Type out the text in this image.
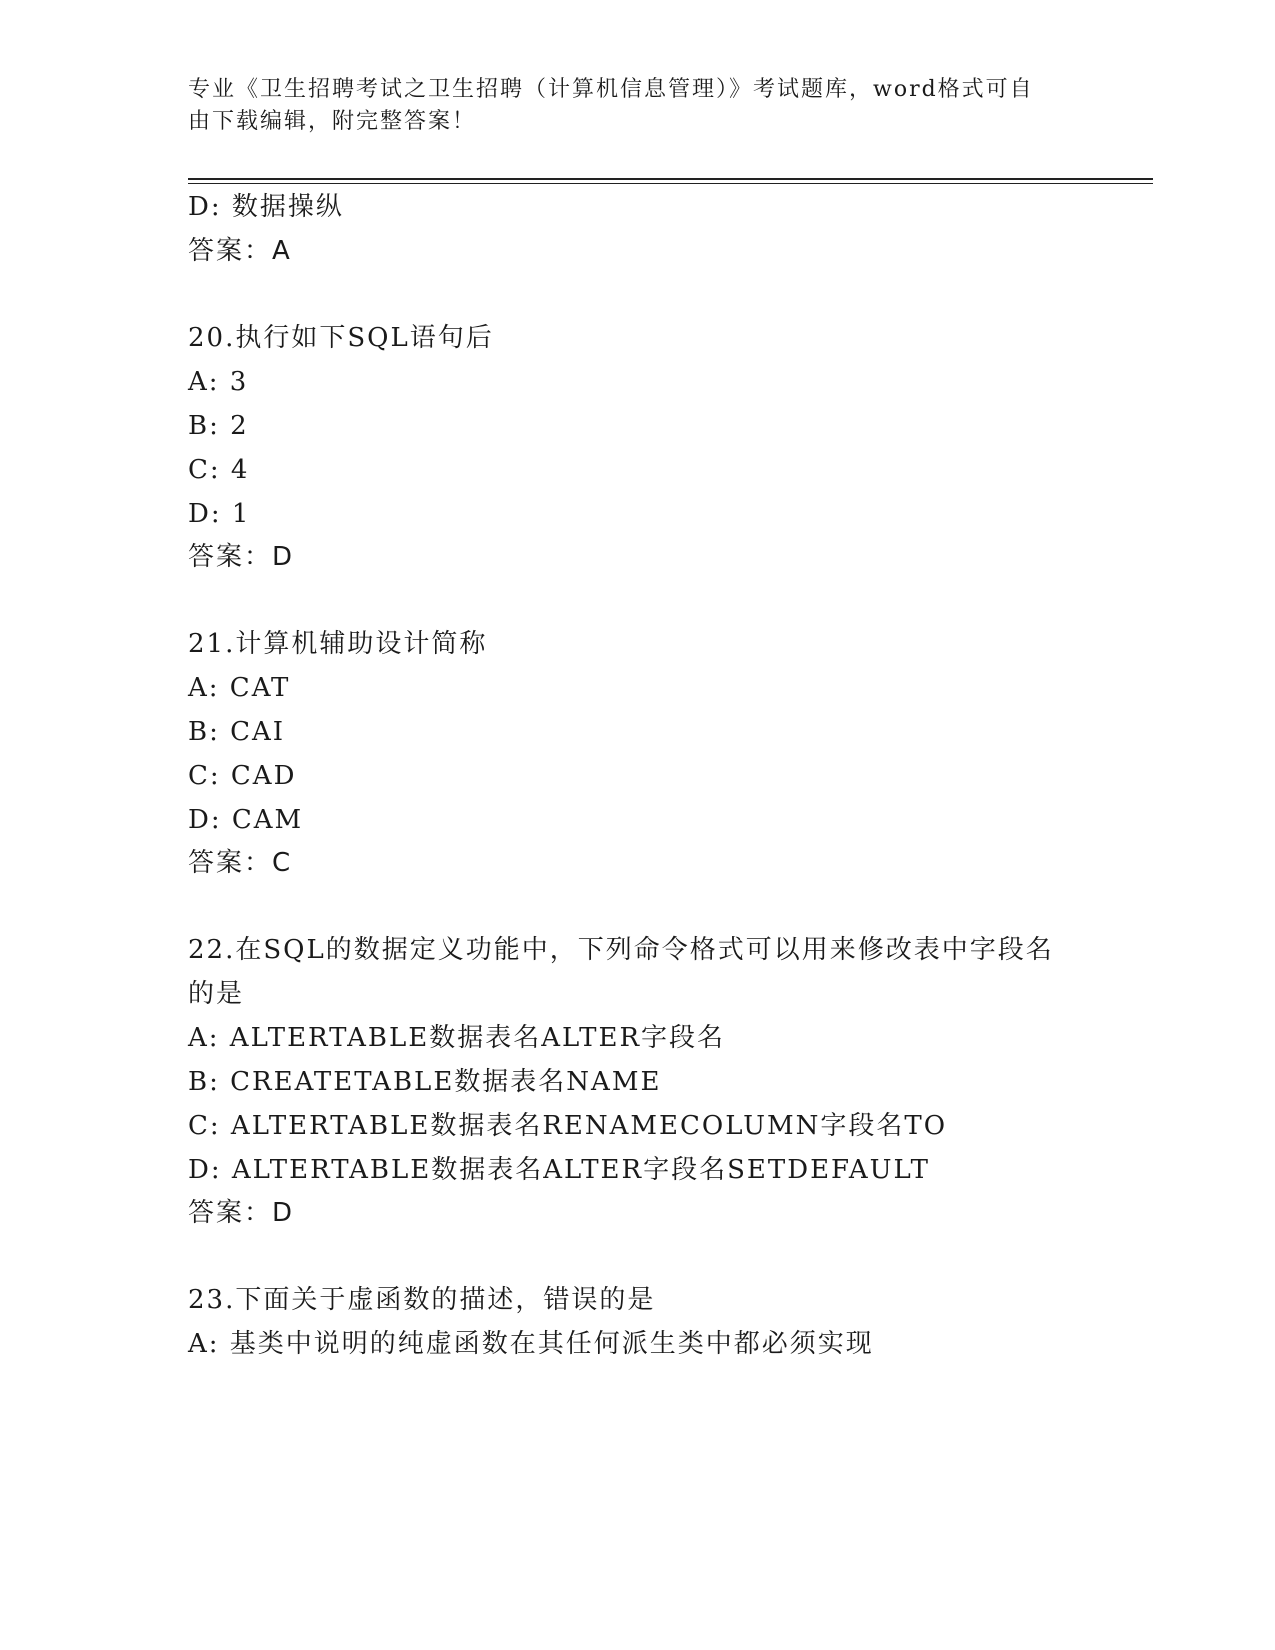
专业《卫生招聘考试之卫生招聘（计算机信息管理）》考试题库，word格式可自
由下载编辑，附完整答案！
D: 数据操纵
答案：A
20.执行如下SQL语句后
A: 3
B: 2
C: 4
D: 1
答案：D
21.计算机辅助设计简称
A: CAT
B: CAI
C: CAD
D: CAM
答案：C
22.在SQL的数据定义功能中，下列命令格式可以用来修改表中字段名
的是
A: ALTERTABLE数据表名ALTER字段名
B: CREATETABLE数据表名NAME
C: ALTERTABLE数据表名RENAMECOLUMN字段名TO
D: ALTERTABLE数据表名ALTER字段名SETDEFAULT
答案：D
23.下面关于虚函数的描述，错误的是
A: 基类中说明的纯虚函数在其任何派生类中都必须实现
